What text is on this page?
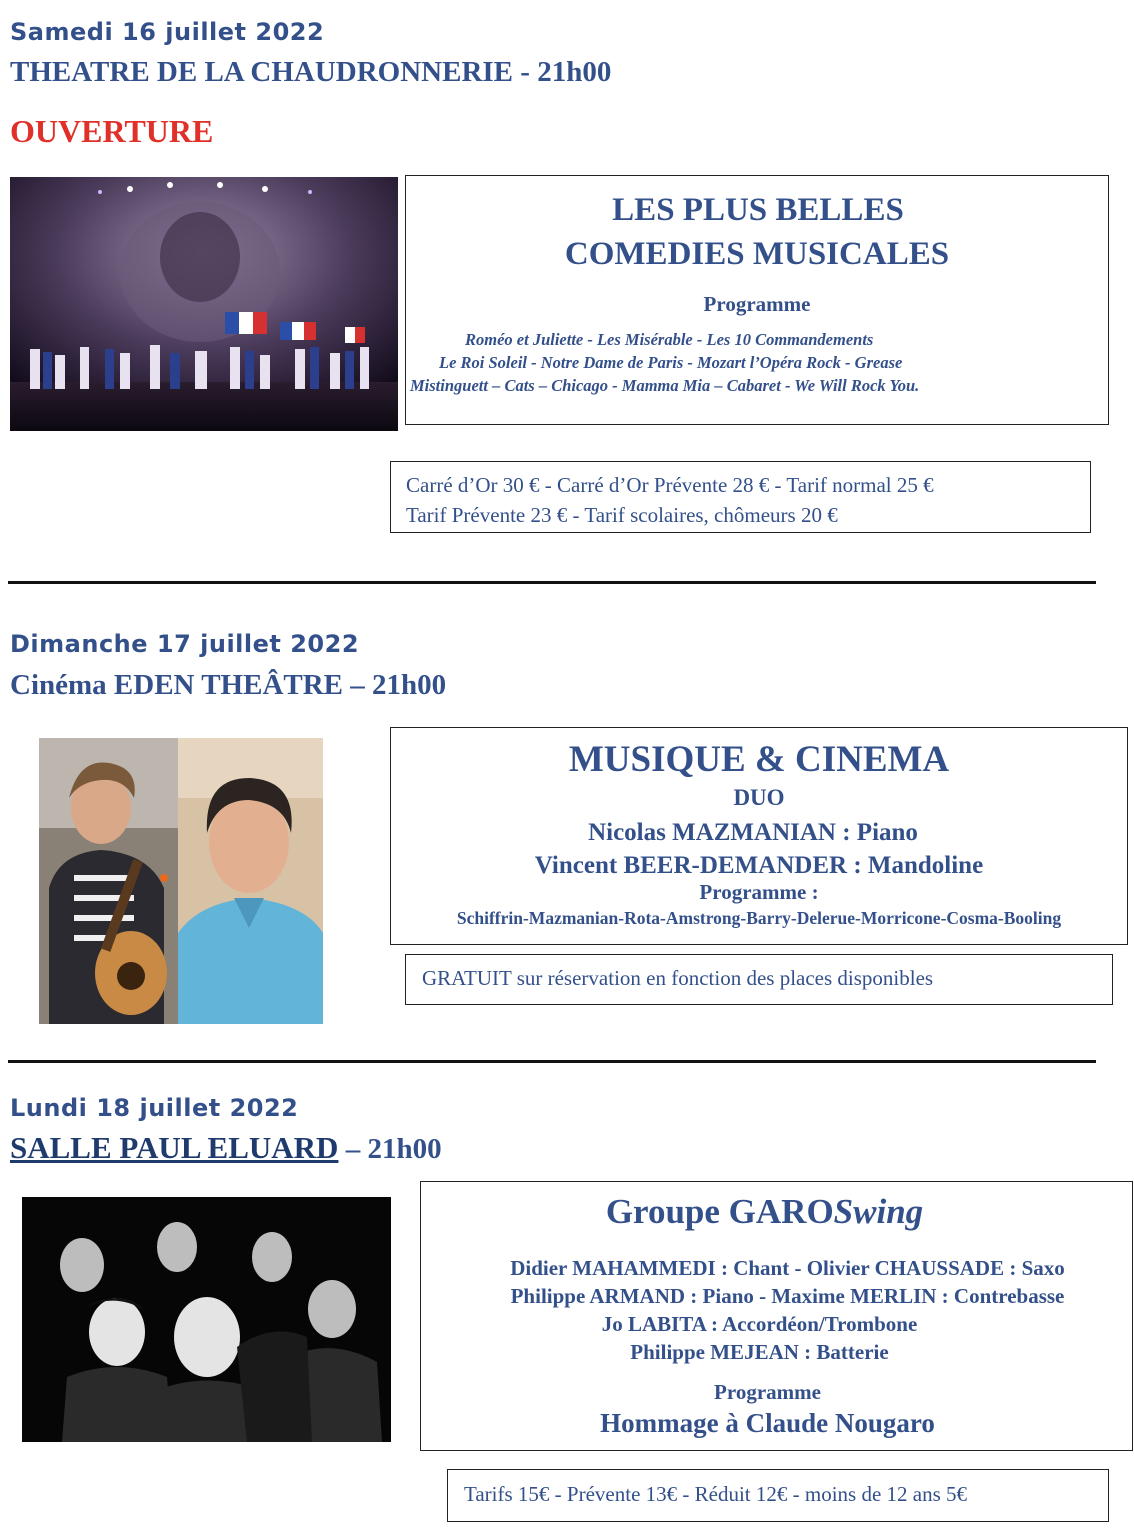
Samedi 16 juillet 2022
THEATRE DE LA CHAUDRONNERIE - 21h00
OUVERTURE
LES PLUS BELLES
COMEDIES MUSICALES
Programme
Roméo et Juliette - Les Misérable - Les 10 Commandements
Le Roi Soleil - Notre Dame de Paris - Mozart l’Opéra Rock - Grease
Mistinguett – Cats – Chicago - Mamma Mia – Cabaret - We Will Rock You.
Carré d’Or 30 € - Carré d’Or Prévente 28 € - Tarif normal 25 €
Tarif Prévente 23 € - Tarif scolaires, chômeurs 20 €
Dimanche 17 juillet 2022
Cinéma EDEN THEÂTRE – 21h00
MUSIQUE & CINEMA
DUO
Nicolas MAZMANIAN : Piano
Vincent BEER-DEMANDER : Mandoline
Programme :
Schiffrin-Mazmanian-Rota-Amstrong-Barry-Delerue-Morricone-Cosma-Booling
GRATUIT sur réservation en fonction des places disponibles
Lundi 18 juillet 2022
SALLE PAUL ELUARD – 21h00
Groupe GAROSwing
Didier MAHAMMEDI : Chant - Olivier CHAUSSADE : Saxo
Philippe ARMAND : Piano - Maxime MERLIN : Contrebasse
Jo LABITA : Accordéon/Trombone
Philippe MEJEAN : Batterie
Programme
Hommage à Claude Nougaro
Tarifs 15€ - Prévente 13€ - Réduit 12€ - moins de 12 ans 5€
